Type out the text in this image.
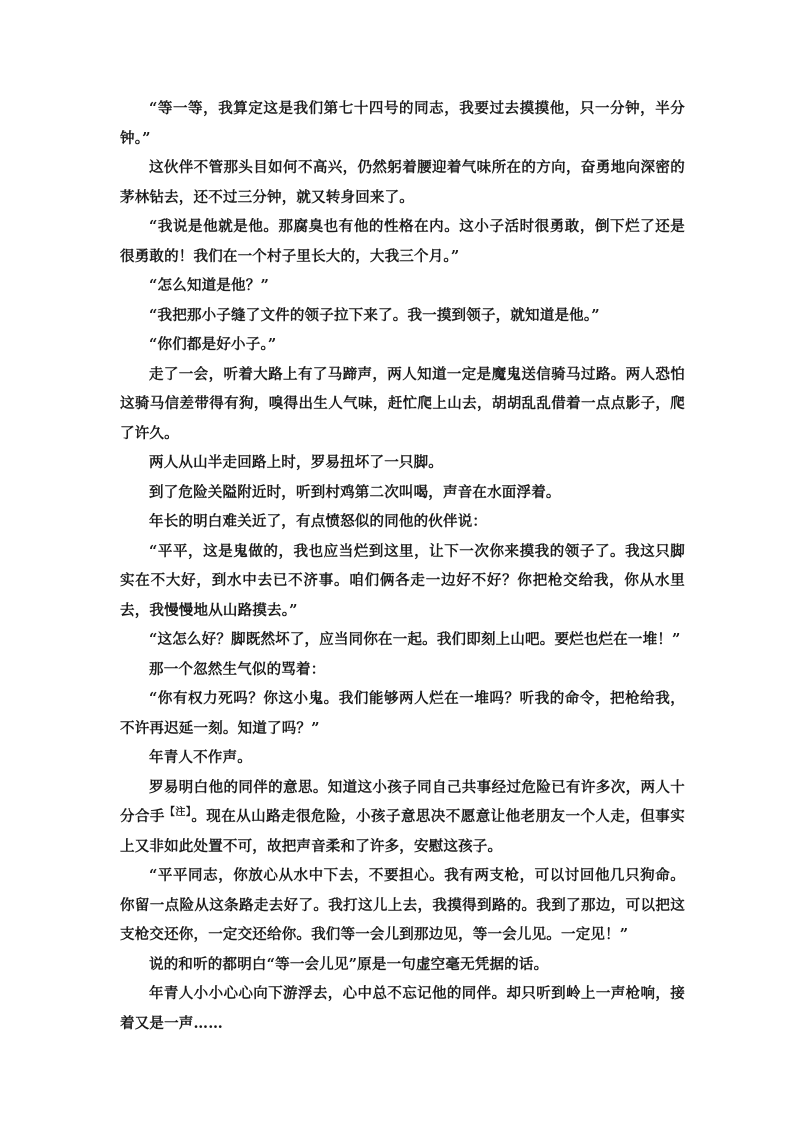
“等一等，我算定这是我们第七十四号的同志，我要过去摸摸他，只一分钟，半分钟。”

这伙伴不管那头目如何不高兴，仍然躬着腰迎着气味所在的方向，奋勇地向深密的茅林钻去，还不过三分钟，就又转身回来了。

“我说是他就是他。那腐臭也有他的性格在内。这小子活时很勇敢，倒下烂了还是很勇敢的！我们在一个村子里长大的，大我三个月。”

“怎么知道是他？”

“我把那小子缝了文件的领子拉下来了。我一摸到领子，就知道是他。”

“你们都是好小子。”

走了一会，听着大路上有了马蹄声，两人知道一定是魔鬼送信骑马过路。两人恐怕这骑马信差带得有狗，嗅得出生人气味，赶忙爬上山去，胡胡乱乱借着一点点影子，爬了许久。

两人从山半走回路上时，罗易扭坏了一只脚。

到了危险关隘附近时，听到村鸡第二次叫喝，声音在水面浮着。

年长的明白难关近了，有点愤怒似的同他的伙伴说：

“平平，这是鬼做的，我也应当烂到这里，让下一次你来摸我的领子了。我这只脚实在不大好，到水中去已不济事。咱们俩各走一边好不好？你把枪交给我，你从水里去，我慢慢地从山路摸去。”

“这怎么好？脚既然坏了，应当同你在一起。我们即刻上山吧。要烂也烂在一堆！”

那一个忽然生气似的骂着：

“你有权力死吗？你这小鬼。我们能够两人烂在一堆吗？听我的命令，把枪给我，不许再迟延一刻。知道了吗？”

年青人不作声。

罗易明白他的同伴的意思。知道这小孩子同自己共事经过危险已有许多次，两人十分合手$^{【注】}$。现在从山路走很危险，小孩子意思决不愿意让他老朋友一个人走，但事实上又非如此处置不可，故把声音柔和了许多，安慰这孩子。

“平平同志，你放心从水中下去，不要担心。我有两支枪，可以讨回他几只狗命。你留一点险从这条路走去好了。我打这儿上去，我摸得到路的。我到了那边，可以把这支枪交还你，一定交还给你。我们等一会儿到那边见，等一会儿见。一定见！”

说的和听的都明白“等一会儿见”原是一句虚空毫无凭据的话。

年青人小小心心向下游浮去，心中总不忘记他的同伴。却只听到岭上一声枪响，接着又是一声……
